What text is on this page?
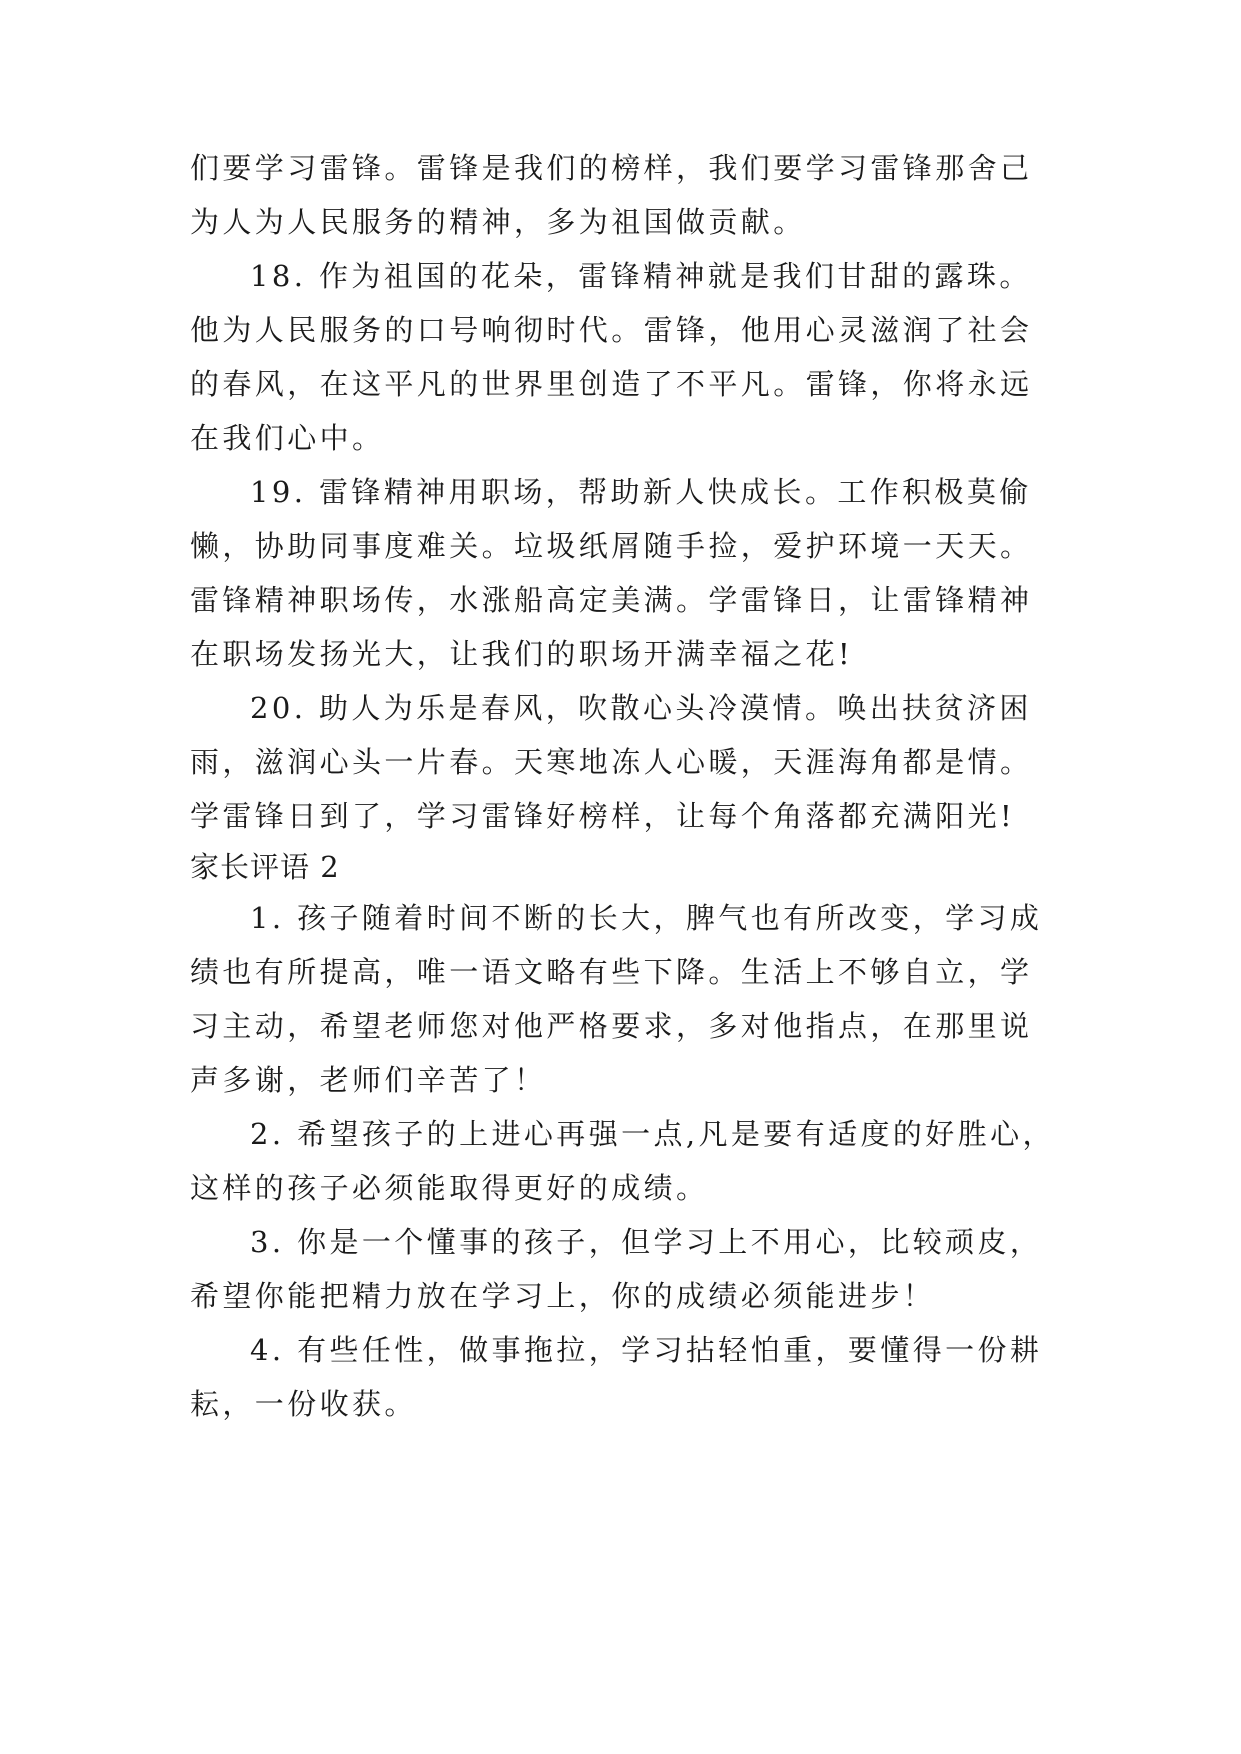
们要学习雷锋。雷锋是我们的榜样，我们要学习雷锋那舍己
为人为人民服务的精神，多为祖国做贡献。
18. 作为祖国的花朵，雷锋精神就是我们甘甜的露珠。
他为人民服务的口号响彻时代。雷锋，他用心灵滋润了社会
的春风，在这平凡的世界里创造了不平凡。雷锋，你将永远
在我们心中。
19. 雷锋精神用职场，帮助新人快成长。工作积极莫偷
懒，协助同事度难关。垃圾纸屑随手捡，爱护环境一天天。
雷锋精神职场传，水涨船高定美满。学雷锋日，让雷锋精神
在职场发扬光大，让我们的职场开满幸福之花!
20. 助人为乐是春风，吹散心头冷漠情。唤出扶贫济困
雨，滋润心头一片春。天寒地冻人心暖，天涯海角都是情。
学雷锋日到了，学习雷锋好榜样，让每个角落都充满阳光!
家长评语 2
1. 孩子随着时间不断的长大，脾气也有所改变，学习成
绩也有所提高，唯一语文略有些下降。生活上不够自立，学
习主动，希望老师您对他严格要求，多对他指点，在那里说
声多谢，老师们辛苦了！
2. 希望孩子的上进心再强一点,凡是要有适度的好胜心，
这样的孩子必须能取得更好的成绩。
3. 你是一个懂事的孩子，但学习上不用心，比较顽皮，
希望你能把精力放在学习上，你的成绩必须能进步！
4. 有些任性，做事拖拉，学习拈轻怕重，要懂得一份耕
耘，一份收获。
